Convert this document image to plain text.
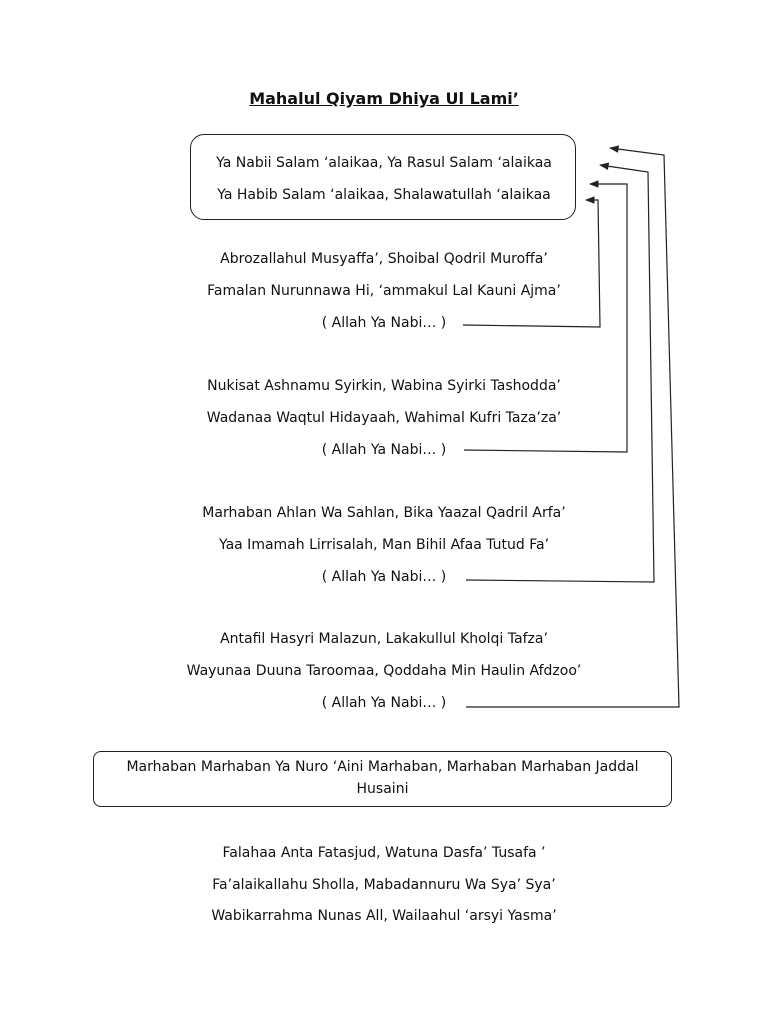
Mahalul Qiyam Dhiya Ul Lami’
Ya Nabii Salam ‘alaikaa, Ya Rasul Salam ‘alaikaa
Ya Habib Salam ‘alaikaa, Shalawatullah ‘alaikaa
Abrozallahul Musyaffa’, Shoibal Qodril Muroffa’
Famalan Nurunnawa Hi, ‘ammakul Lal Kauni Ajma’
( Allah Ya Nabi… )
Nukisat Ashnamu Syirkin, Wabina Syirki Tashodda’
Wadanaa Waqtul Hidayaah, Wahimal Kufri Taza’za’
( Allah Ya Nabi… )
Marhaban Ahlan Wa Sahlan, Bika Yaazal Qadril Arfa’
Yaa Imamah Lirrisalah, Man Bihil Afaa Tutud Fa’
( Allah Ya Nabi… )
Antafil Hasyri Malazun, Lakakullul Kholqi Tafza’
Wayunaa Duuna Taroomaa, Qoddaha Min Haulin Afdzoo’
( Allah Ya Nabi… )
Marhaban Marhaban Ya Nuro ‘Aini Marhaban, Marhaban Marhaban Jaddal Husaini
Falahaa Anta Fatasjud, Watuna Dasfa’ Tusafa ’
Fa’alaikallahu Sholla, Mabadannuru Wa Sya’ Sya’
Wabikarrahma Nunas All, Wailaahul ‘arsyi Yasma’
